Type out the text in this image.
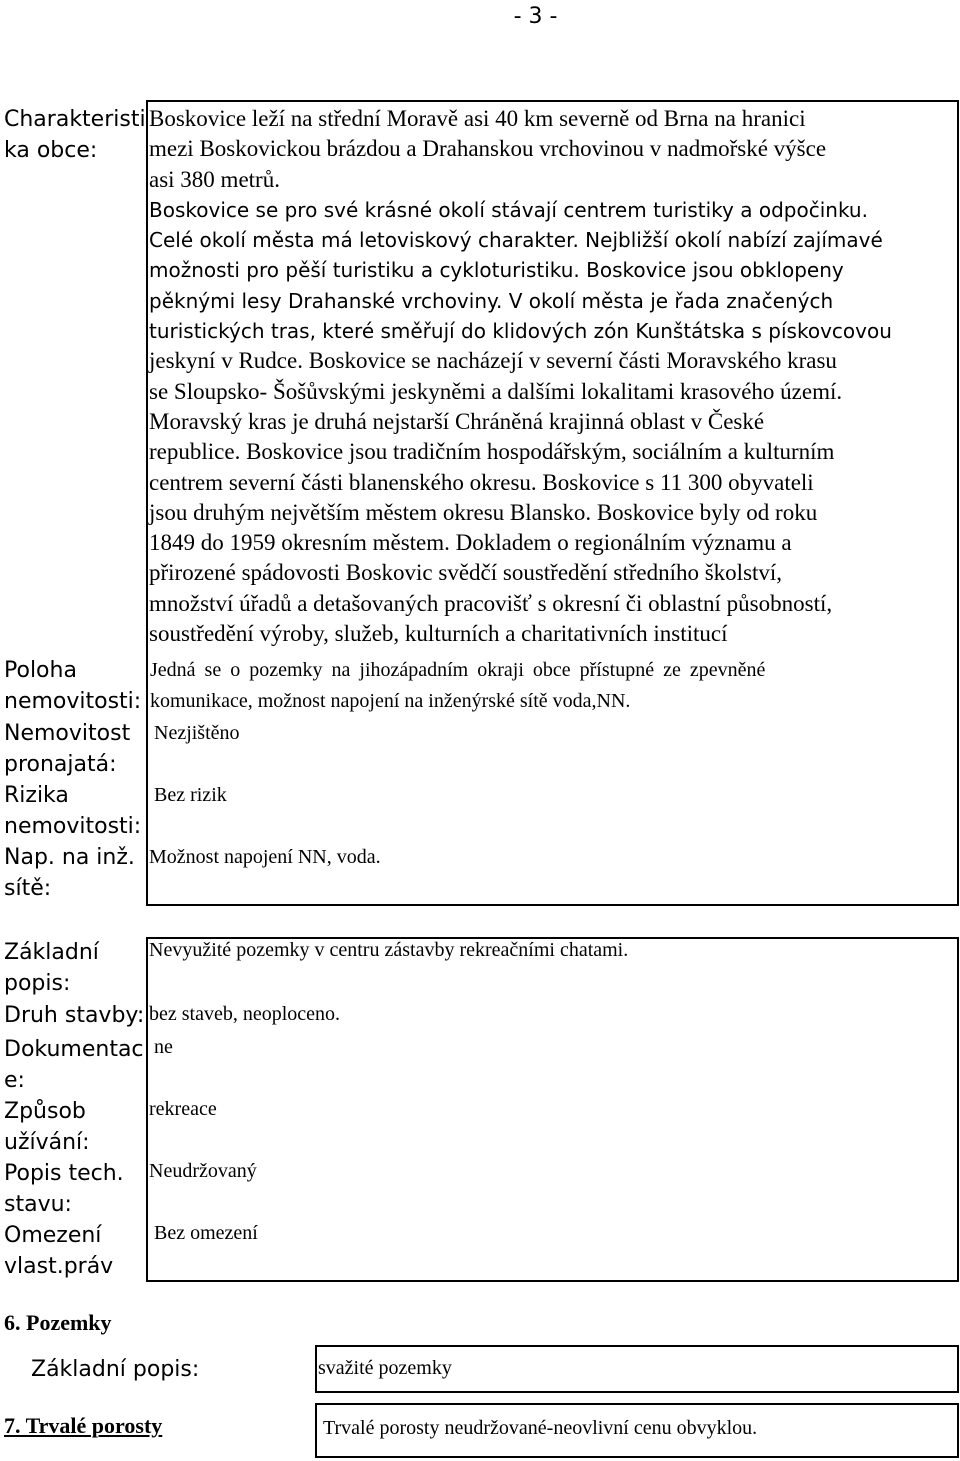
- 3 -
Charakteristi
ka obce:
Boskovice leží na střední Moravě asi 40 km severně od Brna na hranici
mezi Boskovickou brázdou a Drahanskou vrchovinou v nadmořské výšce
asi 380 metrů.
Boskovice se pro své krásné okolí stávají centrem turistiky a odpočinku.
Celé okolí města má letoviskový charakter. Nejbližší okolí nabízí zajímavé
možnosti pro pěší turistiku a cykloturistiku. Boskovice jsou obklopeny
pěknými lesy Drahanské vrchoviny. V okolí města je řada značených
turistických tras, které směřují do klidových zón Kunštátska s pískovcovou
jeskyní v Rudce. Boskovice se nacházejí v severní části Moravského krasu
se Sloupsko- Šošůvskými jeskyněmi a dalšími lokalitami krasového území.
Moravský kras je druhá nejstarší Chráněná krajinná oblast v České
republice. Boskovice jsou tradičním hospodářským, sociálním a kulturním
centrem severní části blanenského okresu. Boskovice s 11 300 obyvateli
jsou druhým největším městem okresu Blansko. Boskovice byly od roku
1849 do 1959 okresním městem. Dokladem o regionálním významu a
přirozené spádovosti Boskovic svědčí soustředění středního školství,
množství úřadů a detašovaných pracovišť s okresní či oblastní působností,
soustředění výroby, služeb, kulturních a charitativních institucí
Poloha
nemovitosti:
Jedná se o pozemky na jihozápadním okraji obce přístupné ze zpevněné
komunikace, možnost napojení na inženýrské sítě voda,NN.
Nemovitost
pronajatá:
Nezjištěno
Rizika
nemovitosti:
Bez rizik
Nap. na inž.
sítě:
Možnost napojení NN, voda.
Základní
popis:
Nevyužité pozemky v centru zástavby rekreačními chatami.
Druh stavby: bez staveb, neoploceno.
Dokumentac
e:
ne
Způsob
užívání:
rekreace
Popis tech.
stavu:
Neudržovaný
Omezení
vlast.práv
Bez omezení
6. Pozemky
Základní popis:	svažité pozemky
7. Trvalé porosty	Trvalé porosty neudržované-neovlivní cenu obvyklou.
